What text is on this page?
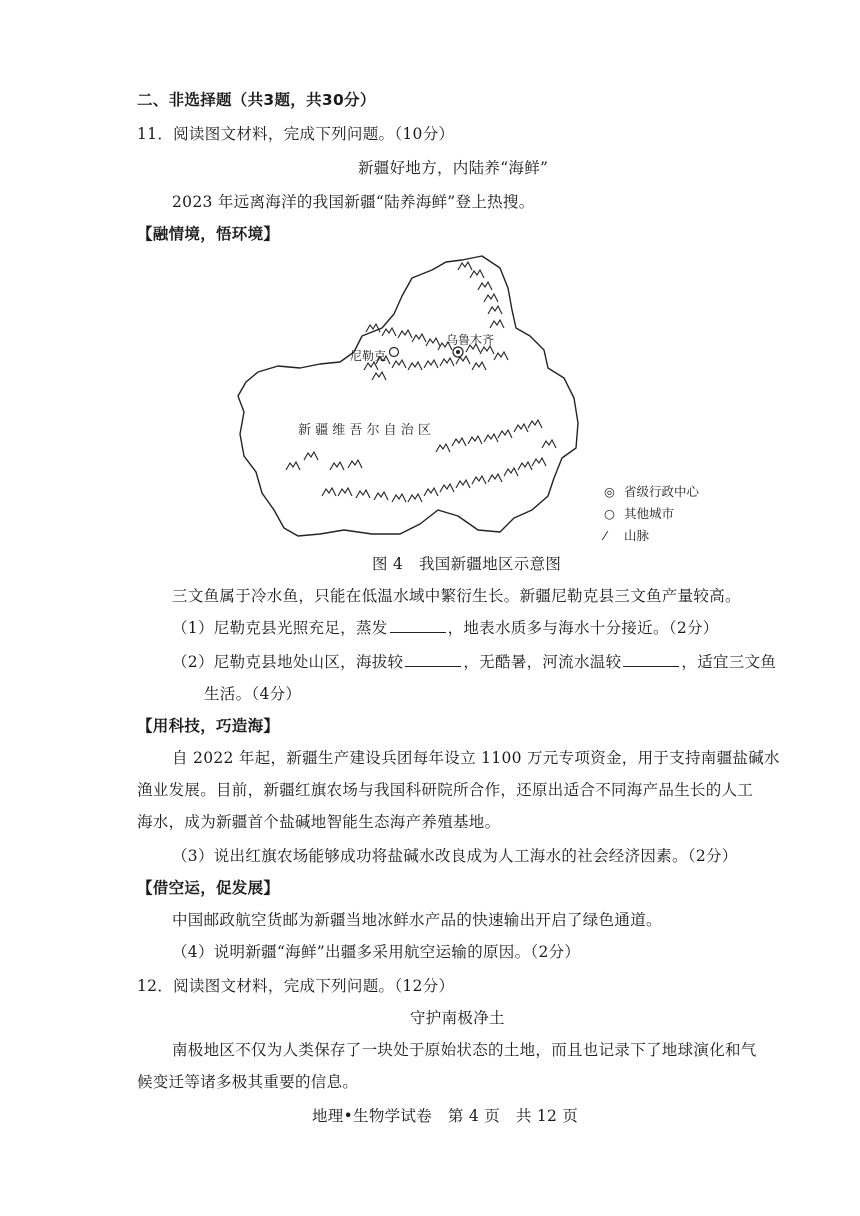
二、非选择题（共3题，共30分）
11．阅读图文材料，完成下列问题。（10分）
新疆好地方，内陆养“海鲜”
2023 年远离海洋的我国新疆“陆养海鲜”登上热搜。
【融情境，悟环境】
乌鲁木齐
尼勒克
新 疆 维 吾 尔 自 治 区
◎ 省级行政中心
○ 其他城市
⁄ 山脉
图 4　我国新疆地区示意图
三文鱼属于冷水鱼，只能在低温水域中繁衍生长。新疆尼勒克县三文鱼产量较高。
（1）尼勒克县光照充足，蒸发	，地表水质多与海水十分接近。（2分）
（2）尼勒克县地处山区，海拔较	，无酷暑，河流水温较	，适宜三文鱼
生活。（4分）
【用科技，巧造海】
自 2022 年起，新疆生产建设兵团每年设立 1100 万元专项资金，用于支持南疆盐碱水
渔业发展。目前，新疆红旗农场与我国科研院所合作，还原出适合不同海产品生长的人工
海水，成为新疆首个盐碱地智能生态海产养殖基地。
（3）说出红旗农场能够成功将盐碱水改良成为人工海水的社会经济因素。（2分）
【借空运，促发展】
中国邮政航空货邮为新疆当地冰鲜水产品的快速输出开启了绿色通道。
（4）说明新疆“海鲜”出疆多采用航空运输的原因。（2分）
12．阅读图文材料，完成下列问题。（12分）
守护南极净土
南极地区不仅为人类保存了一块处于原始状态的土地，而且也记录下了地球演化和气
候变迁等诸多极其重要的信息。
地理•生物学试卷　第 4 页　共 12 页
